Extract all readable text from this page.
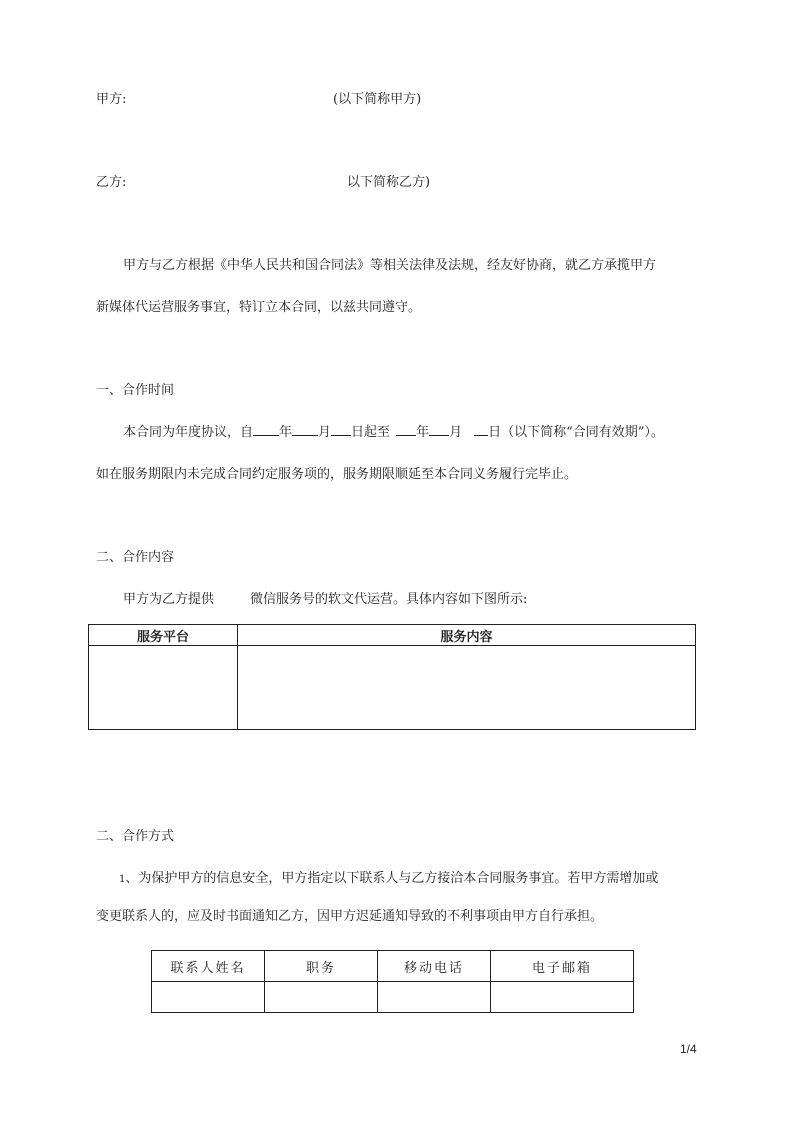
甲方:	(以下简称甲方)
乙方:	以下简称乙方)
甲方与乙方根据《中华人民共和国合同法》等相关法律及法规，经友好协商，就乙方承揽甲方
新媒体代运营服务事宜，特订立本合同，以兹共同遵守。
一、合作时间
本合同为年度协议，自 年 月 日起至 年 月 日（以下简称“合同有效期”）。
如在服务期限内未完成合同约定服务项的，服务期限顺延至本合同义务履行完毕止。
二、合作内容
甲方为乙方提供	微信服务号的软文代运营。具体内容如下图所示:
服务平台	服务内容

二、合作方式
1、为保护甲方的信息安全，甲方指定以下联系人与乙方接洽本合同服务事宜。若甲方需增加或
变更联系人的，应及时书面通知乙方，因甲方迟延通知导致的不利事项由甲方自行承担。
联系人姓名	职务	移动电话	电子邮箱

1/4
